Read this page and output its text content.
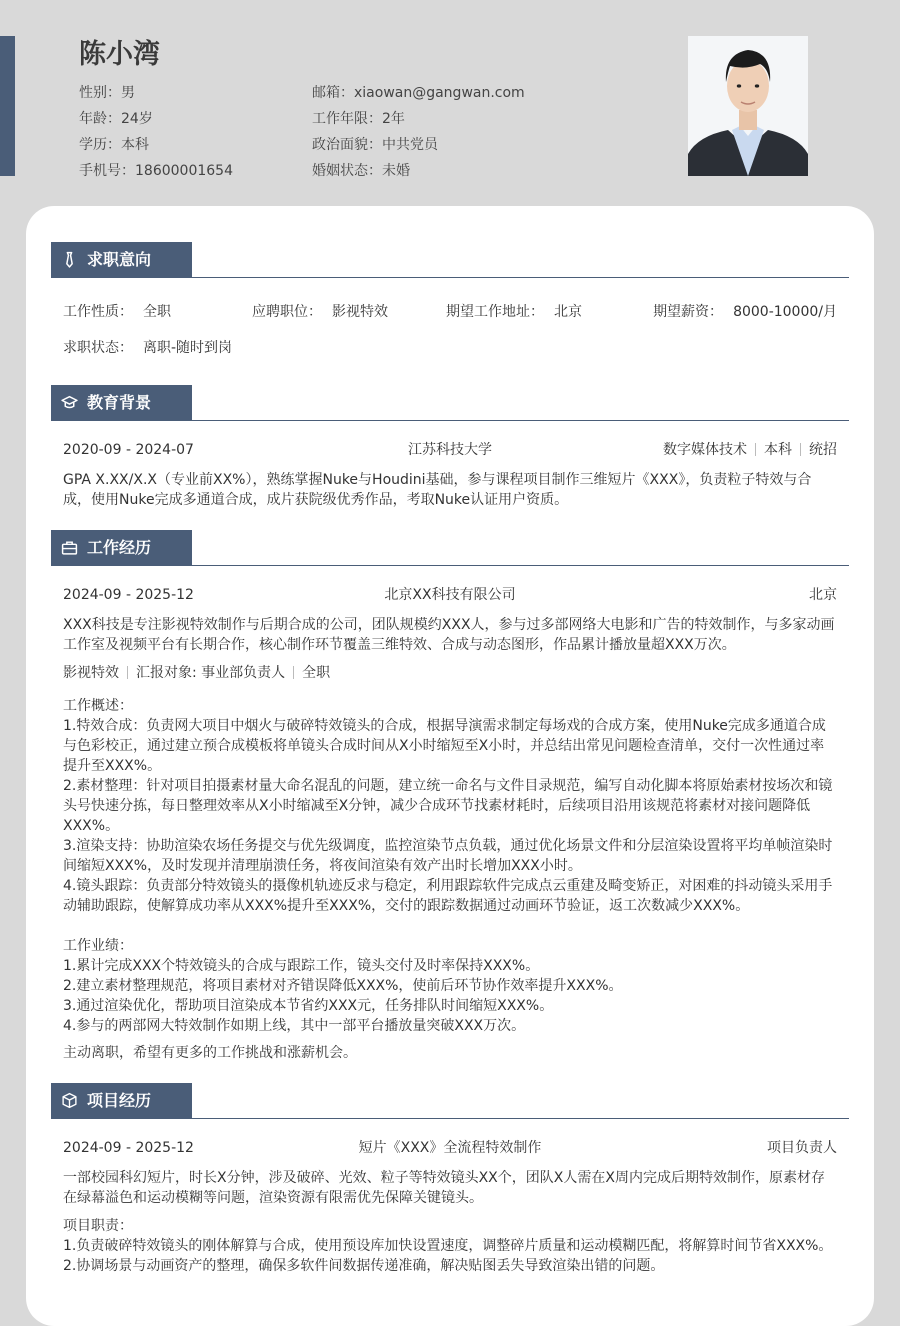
陈小湾
性别：男
年龄：24岁
学历：本科
手机号：18600001654
邮箱：xiaowan@gangwan.com
工作年限：2年
政治面貌：中共党员
婚姻状态：未婚
求职意向
工作性质： 全职	应聘职位： 影视特效	期望工作地址： 北京	期望薪资： 8000-10000/月
求职状态： 离职-随时到岗
教育背景
2020-09 - 2024-07	江苏科技大学	数字媒体技术 本科 统招

GPA X.XX/X.X（专业前XX%），熟练掌握Nuke与Houdini基础，参与课程项目制作三维短片《XXX》，负责粒子特效与合成，使用Nuke完成多通道合成，成片获院级优秀作品，考取Nuke认证用户资质。

工作经历
2024-09 - 2025-12	北京XX科技有限公司	北京

XXX科技是专注影视特效制作与后期合成的公司，团队规模约XXX人，参与过多部网络大电影和广告的特效制作，与多家动画工作室及视频平台有长期合作，核心制作环节覆盖三维特效、合成与动态图形，作品累计播放量超XXX万次。

影视特效 汇报对象: 事业部负责人 全职

工作概述：

1.特效合成：负责网大项目中烟火与破碎特效镜头的合成，根据导演需求制定每场戏的合成方案，使用Nuke完成多通道合成与色彩校正，通过建立预合成模板将单镜头合成时间从X小时缩短至X小时，并总结出常见问题检查清单，交付一次性通过率提升至XXX%。

2.素材整理：针对项目拍摄素材量大命名混乱的问题，建立统一命名与文件目录规范，编写自动化脚本将原始素材按场次和镜头号快速分拣，每日整理效率从X小时缩减至X分钟，减少合成环节找素材耗时，后续项目沿用该规范将素材对接问题降低XXX%。

3.渲染支持：协助渲染农场任务提交与优先级调度，监控渲染节点负载，通过优化场景文件和分层渲染设置将平均单帧渲染时间缩短XXX%，及时发现并清理崩溃任务，将夜间渲染有效产出时长增加XXX小时。

4.镜头跟踪：负责部分特效镜头的摄像机轨迹反求与稳定，利用跟踪软件完成点云重建及畸变矫正，对困难的抖动镜头采用手动辅助跟踪，使解算成功率从XXX%提升至XXX%，交付的跟踪数据通过动画环节验证，返工次数减少XXX%。

工作业绩：

1.累计完成XXX个特效镜头的合成与跟踪工作，镜头交付及时率保持XXX%。

2.建立素材整理规范，将项目素材对齐错误降低XXX%，使前后环节协作效率提升XXX%。

3.通过渲染优化，帮助项目渲染成本节省约XXX元，任务排队时间缩短XXX%。

4.参与的两部网大特效制作如期上线，其中一部平台播放量突破XXX万次。

主动离职，希望有更多的工作挑战和涨薪机会。

项目经历
2024-09 - 2025-12	短片《XXX》全流程特效制作	项目负责人

一部校园科幻短片，时长X分钟，涉及破碎、光效、粒子等特效镜头XX个，团队X人需在X周内完成后期特效制作，原素材存在绿幕溢色和运动模糊等问题，渲染资源有限需优先保障关键镜头。

项目职责：

1.负责破碎特效镜头的刚体解算与合成，使用预设库加快设置速度，调整碎片质量和运动模糊匹配，将解算时间节省XXX%。

2.协调场景与动画资产的整理，确保多软件间数据传递准确，解决贴图丢失导致渲染出错的问题。
